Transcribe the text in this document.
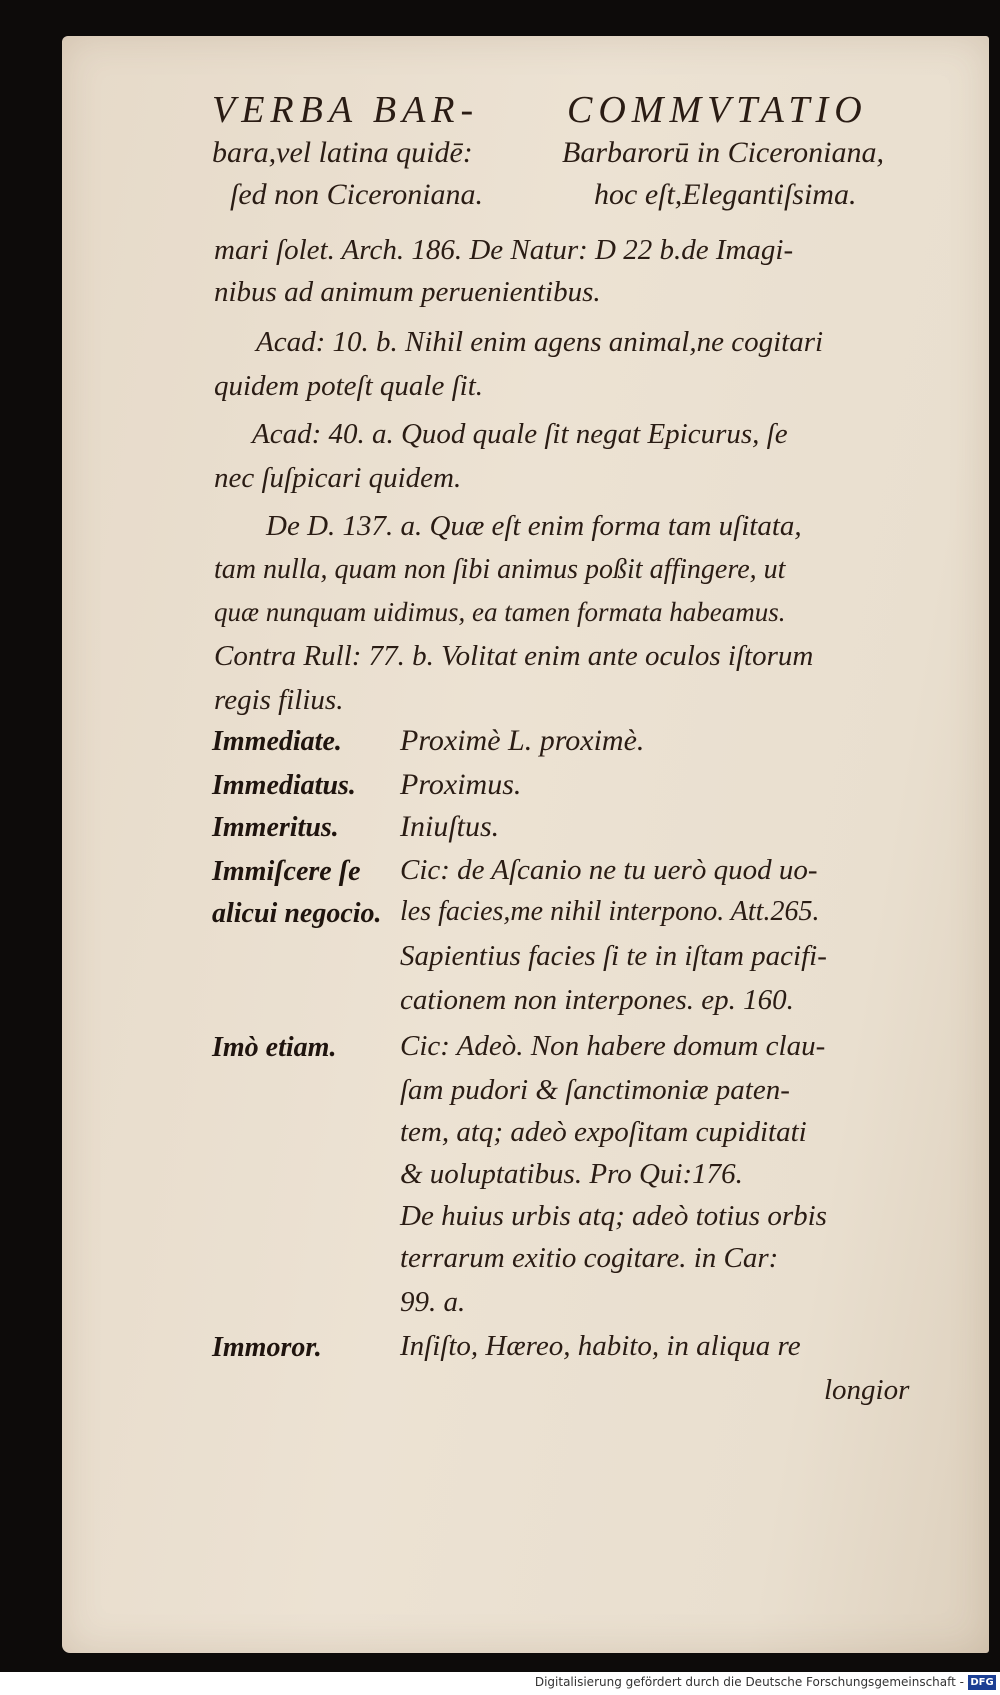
VERBA BAR- COMMVTATIO
bara,vel latina quidē:	Barbarorū in Ciceroniana,
ſed non Ciceroniana.	hoc eſt,Elegantiſsima.
mari ſolet. Arch. 186. De Natur: D 22 b.de Imagi-
nibus ad animum peruenientibus.
Acad: 10. b. Nihil enim agens animal,ne cogitari
quidem poteſt quale ſit.
Acad: 40. a. Quod quale ſit negat Epicurus, ſe
nec ſuſpicari quidem.
De D. 137. a. Quæ eſt enim forma tam uſitata,
tam nulla, quam non ſibi animus poßit affingere, ut
quæ nunquam uidimus, ea tamen formata habeamus.
Contra Rull: 77. b. Volitat enim ante oculos iſtorum
regis filius.
Immediate. Proximè L. proximè.
Immediatus. Proximus.
Immeritus. Iniuſtus.
Immiſcere ſe
alicui negocio.
Cic: de Aſcanio ne tu uerò quod uo-
les facies,me nihil interpono. Att.265.
Sapientius facies ſi te in iſtam pacifi-
cationem non interpones. ep. 160.
Imò etiam. Cic: Adeò. Non habere domum clau-
ſam pudori & ſanctimoniæ paten-
tem, atq; adeò expoſitam cupiditati
& uoluptatibus. Pro Qui:176.
De huius urbis atq; adeò totius orbis
terrarum exitio cogitare. in Car:
99. a.
Immoror.	Inſiſto, Hæreo, habito, in aliqua re
longior
Digitalisierung gefördert durch die Deutsche Forschungsgemeinschaft - DFG
